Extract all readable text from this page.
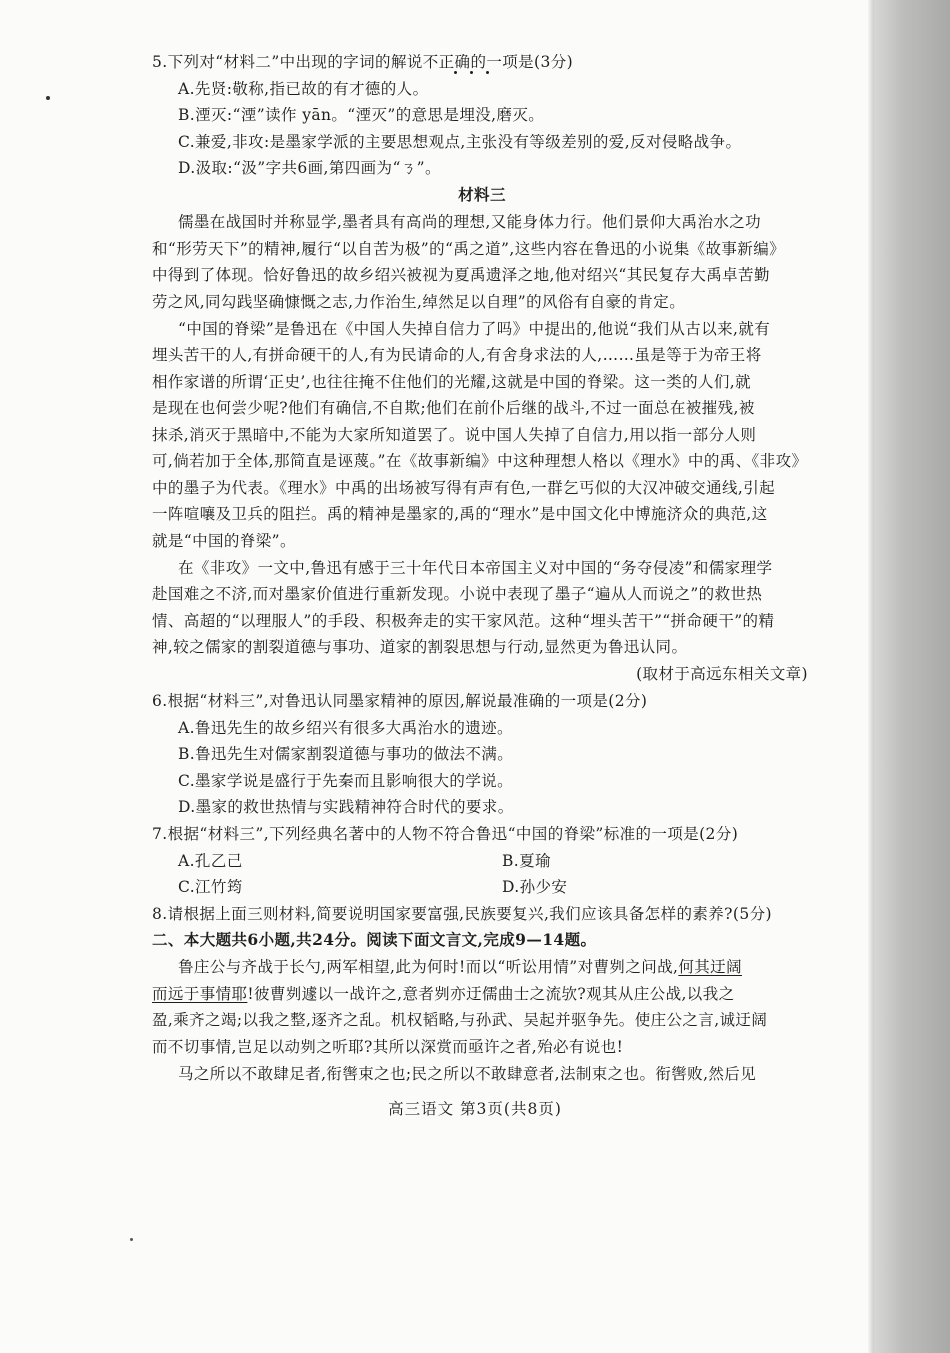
5.下列对“材料二”中出现的字词的解说不正确的一项是(3分)
A.先贤:敬称,指已故的有才德的人。
B.湮灭:“湮”读作 yān。“湮灭”的意思是埋没,磨灭。
C.兼爱,非攻:是墨家学派的主要思想观点,主张没有等级差别的爱,反对侵略战争。
D.汲取:“汲”字共6画,第四画为“ㄋ”。
材料三
儒墨在战国时并称显学,墨者具有高尚的理想,又能身体力行。他们景仰大禹治水之功
和“形劳天下”的精神,履行“以自苦为极”的“禹之道”,这些内容在鲁迅的小说集《故事新编》
中得到了体现。恰好鲁迅的故乡绍兴被视为夏禹遗泽之地,他对绍兴“其民复存大禹卓苦勤
劳之风,同勾践坚确慷慨之志,力作治生,绰然足以自理”的风俗有自豪的肯定。
“中国的脊梁”是鲁迅在《中国人失掉自信力了吗》中提出的,他说“我们从古以来,就有
埋头苦干的人,有拼命硬干的人,有为民请命的人,有舍身求法的人,……虽是等于为帝王将
相作家谱的所谓‘正史’,也往往掩不住他们的光耀,这就是中国的脊梁。这一类的人们,就
是现在也何尝少呢?他们有确信,不自欺;他们在前仆后继的战斗,不过一面总在被摧残,被
抹杀,消灭于黑暗中,不能为大家所知道罢了。说中国人失掉了自信力,用以指一部分人则
可,倘若加于全体,那简直是诬蔑。”在《故事新编》中这种理想人格以《理水》中的禹、《非攻》
中的墨子为代表。《理水》中禹的出场被写得有声有色,一群乞丐似的大汉冲破交通线,引起
一阵喧嚷及卫兵的阻拦。禹的精神是墨家的,禹的“理水”是中国文化中博施济众的典范,这
就是“中国的脊梁”。
在《非攻》一文中,鲁迅有感于三十年代日本帝国主义对中国的“务夺侵凌”和儒家理学
赴国难之不济,而对墨家价值进行重新发现。小说中表现了墨子“遍从人而说之”的救世热
情、高超的“以理服人”的手段、积极奔走的实干家风范。这种“埋头苦干”“拼命硬干”的精
神,较之儒家的割裂道德与事功、道家的割裂思想与行动,显然更为鲁迅认同。
(取材于高远东相关文章)
6.根据“材料三”,对鲁迅认同墨家精神的原因,解说最准确的一项是(2分)
A.鲁迅先生的故乡绍兴有很多大禹治水的遗迹。
B.鲁迅先生对儒家割裂道德与事功的做法不满。
C.墨家学说是盛行于先秦而且影响很大的学说。
D.墨家的救世热情与实践精神符合时代的要求。
7.根据“材料三”,下列经典名著中的人物不符合鲁迅“中国的脊梁”标准的一项是(2分)
A.孔乙己	B.夏瑜
C.江竹筠	D.孙少安
8.请根据上面三则材料,简要说明国家要富强,民族要复兴,我们应该具备怎样的素养?(5分)
二、本大题共6小题,共24分。阅读下面文言文,完成9—14题。
鲁庄公与齐战于长勺,两军相望,此为何时!而以“听讼用情”对曹刿之问战,何其迂阔
而远于事情耶!彼曹刿遽以一战许之,意者刿亦迂儒曲士之流欤?观其从庄公战,以我之
盈,乘齐之竭;以我之整,逐齐之乱。机权韬略,与孙武、吴起并驱争先。使庄公之言,诚迂阔
而不切事情,岂足以动刿之听耶?其所以深赏而亟许之者,殆必有说也!
马之所以不敢肆足者,衔辔束之也;民之所以不敢肆意者,法制束之也。衔辔败,然后见
高三语文 第3页(共8页)
